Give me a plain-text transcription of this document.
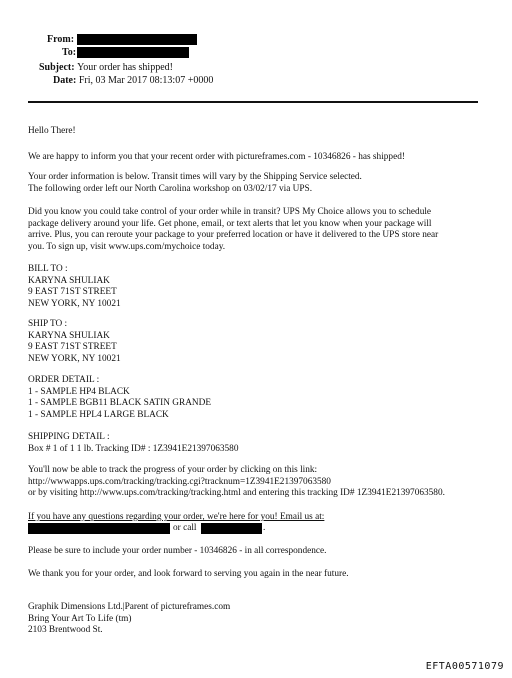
From:
To:
Subject: Your order has shipped!
Date: Fri, 03 Mar 2017 08:13:07 +0000
Hello There!
We are happy to inform you that your recent order with pictureframes.com - 10346826 - has shipped!
Your order information is below. Transit times will vary by the Shipping Service selected.
The following order left our North Carolina workshop on 03/02/17 via UPS.
Did you know you could take control of your order while in transit? UPS My Choice allows you to schedule
package delivery around your life. Get phone, email, or text alerts that let you know when your package will
arrive. Plus, you can reroute your package to your preferred location or have it delivered to the UPS store near
you. To sign up, visit www.ups.com/mychoice today.
BILL TO :
KARYNA SHULIAK
9 EAST 71ST STREET
NEW YORK, NY 10021
SHIP TO :
KARYNA SHULIAK
9 EAST 71ST STREET
NEW YORK, NY 10021
ORDER DETAIL :
1 - SAMPLE HP4 BLACK
1 - SAMPLE BGB11 BLACK SATIN GRANDE
1 - SAMPLE HPL4 LARGE BLACK
SHIPPING DETAIL :
Box # 1 of 1 1 lb. Tracking ID# : 1Z3941E21397063580
You'll now be able to track the progress of your order by clicking on this link:
http://wwwapps.ups.com/tracking/tracking.cgi?tracknum=1Z3941E21397063580
or by visiting http://www.ups.com/tracking/tracking.html and entering this tracking ID# 1Z3941E21397063580.
If you have any questions regarding your order, we're here for you! Email us at:
or call	.
Please be sure to include your order number - 10346826 - in all correspondence.
We thank you for your order, and look forward to serving you again in the near future.
Graphik Dimensions Ltd.|Parent of pictureframes.com
Bring Your Art To Life (tm)
2103 Brentwood St.
EFTA00571079
